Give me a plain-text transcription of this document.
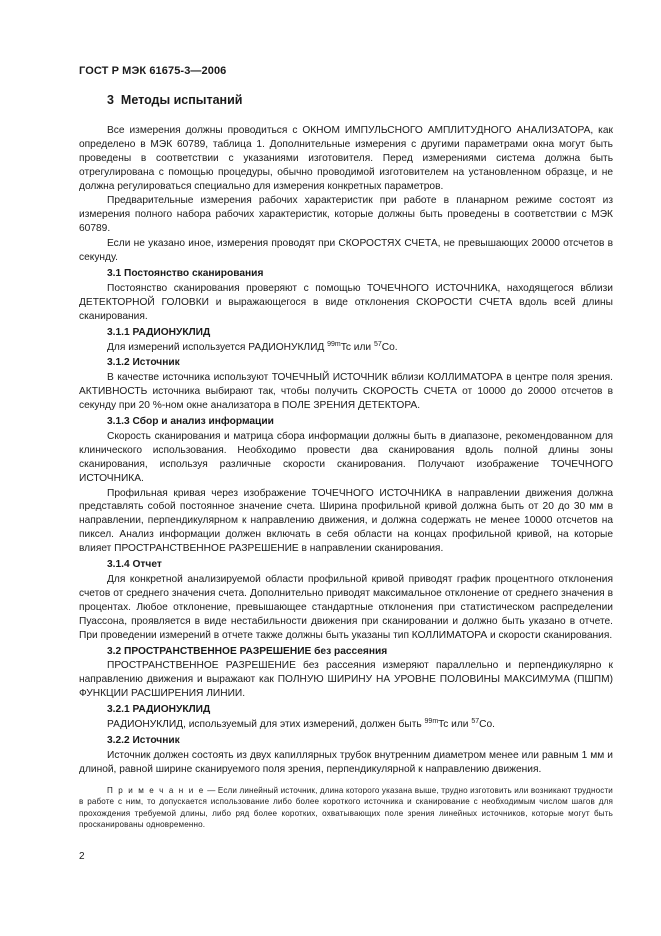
ГОСТ Р МЭК 61675-3—2006
3 Методы испытаний

Все измерения должны проводиться с ОКНОМ ИМПУЛЬСНОГО АМПЛИТУДНОГО АНАЛИЗАТОРА, как определено в МЭК 60789, таблица 1. Дополнительные измерения с другими параметрами окна могут быть проведены в соответствии с указаниями изготовителя. Перед измерениями система должна быть отрегулирована с помощью процедуры, обычно проводимой изготовителем на установленном образце, и не должна регулироваться специально для измерения конкретных параметров.

Предварительные измерения рабочих характеристик при работе в планарном режиме состоят из измерения полного набора рабочих характеристик, которые должны быть проведены в соответствии с МЭК 60789.

Если не указано иное, измерения проводят при СКОРОСТЯХ СЧЕТА, не превышающих 20000 отсчетов в секунду.

3.1 Постоянство сканирования

Постоянство сканирования проверяют с помощью ТОЧЕЧНОГО ИСТОЧНИКА, находящегося вблизи ДЕТЕКТОРНОЙ ГОЛОВКИ и выражающегося в виде отклонения СКОРОСТИ СЧЕТА вдоль всей длины сканирования.

3.1.1 РАДИОНУКЛИД

Для измерений используется РАДИОНУКЛИД $^{99m}$Tc или $^{57}$Co.

3.1.2 Источник

В качестве источника используют ТОЧЕЧНЫЙ ИСТОЧНИК вблизи КОЛЛИМАТОРА в центре поля зрения. АКТИВНОСТЬ источника выбирают так, чтобы получить СКОРОСТЬ СЧЕТА от 10000 до 20000 отсчетов в секунду при 20 %-ном окне анализатора в ПОЛЕ ЗРЕНИЯ ДЕТЕКТОРА.

3.1.3 Сбор и анализ информации

Скорость сканирования и матрица сбора информации должны быть в диапазоне, рекомендованном для клинического использования. Необходимо провести два сканирования вдоль полной длины зоны сканирования, используя различные скорости сканирования. Получают изображение ТОЧЕЧНОГО ИСТОЧНИКА.

Профильная кривая через изображение ТОЧЕЧНОГО ИСТОЧНИКА в направлении движения должна представлять собой постоянное значение счета. Ширина профильной кривой должна быть от 20 до 30 мм в направлении, перпендикулярном к направлению движения, и должна содержать не менее 10000 отсчетов на пиксел. Анализ информации должен включать в себя области на концах профильной кривой, на которые влияет ПРОСТРАНСТВЕННОЕ РАЗРЕШЕНИЕ в направлении сканирования.

3.1.4 Отчет

Для конкретной анализируемой области профильной кривой приводят график процентного отклонения счетов от среднего значения счета. Дополнительно приводят максимальное отклонение от среднего значения в процентах. Любое отклонение, превышающее стандартные отклонения при статистическом распределении Пуассона, проявляется в виде нестабильности движения при сканировании и должно быть указано в отчете. При проведении измерений в отчете также должны быть указаны тип КОЛЛИМАТОРА и скорости сканирования.

3.2 ПРОСТРАНСТВЕННОЕ РАЗРЕШЕНИЕ без рассеяния

ПРОСТРАНСТВЕННОЕ РАЗРЕШЕНИЕ без рассеяния измеряют параллельно и перпендикулярно к направлению движения и выражают как ПОЛНУЮ ШИРИНУ НА УРОВНЕ ПОЛОВИНЫ МАКСИМУМА (ПШПМ) ФУНКЦИИ РАСШИРЕНИЯ ЛИНИИ.

3.2.1 РАДИОНУКЛИД

РАДИОНУКЛИД, используемый для этих измерений, должен быть $^{99m}$Tc или $^{57}$Co.

3.2.2 Источник

Источник должен состоять из двух капиллярных трубок внутренним диаметром менее или равным 1 мм и длиной, равной ширине сканируемого поля зрения, перпендикулярной к направлению движения.

П р и м е ч а н и е — Если линейный источник, длина которого указана выше, трудно изготовить или возникают трудности в работе с ним, то допускается использование либо более короткого источника и сканирование с необходимым числом шагов для прохождения требуемой длины, либо ряд более коротких, охватывающих поле зрения линейных источников, которые могут быть просканированы одновременно.
2
